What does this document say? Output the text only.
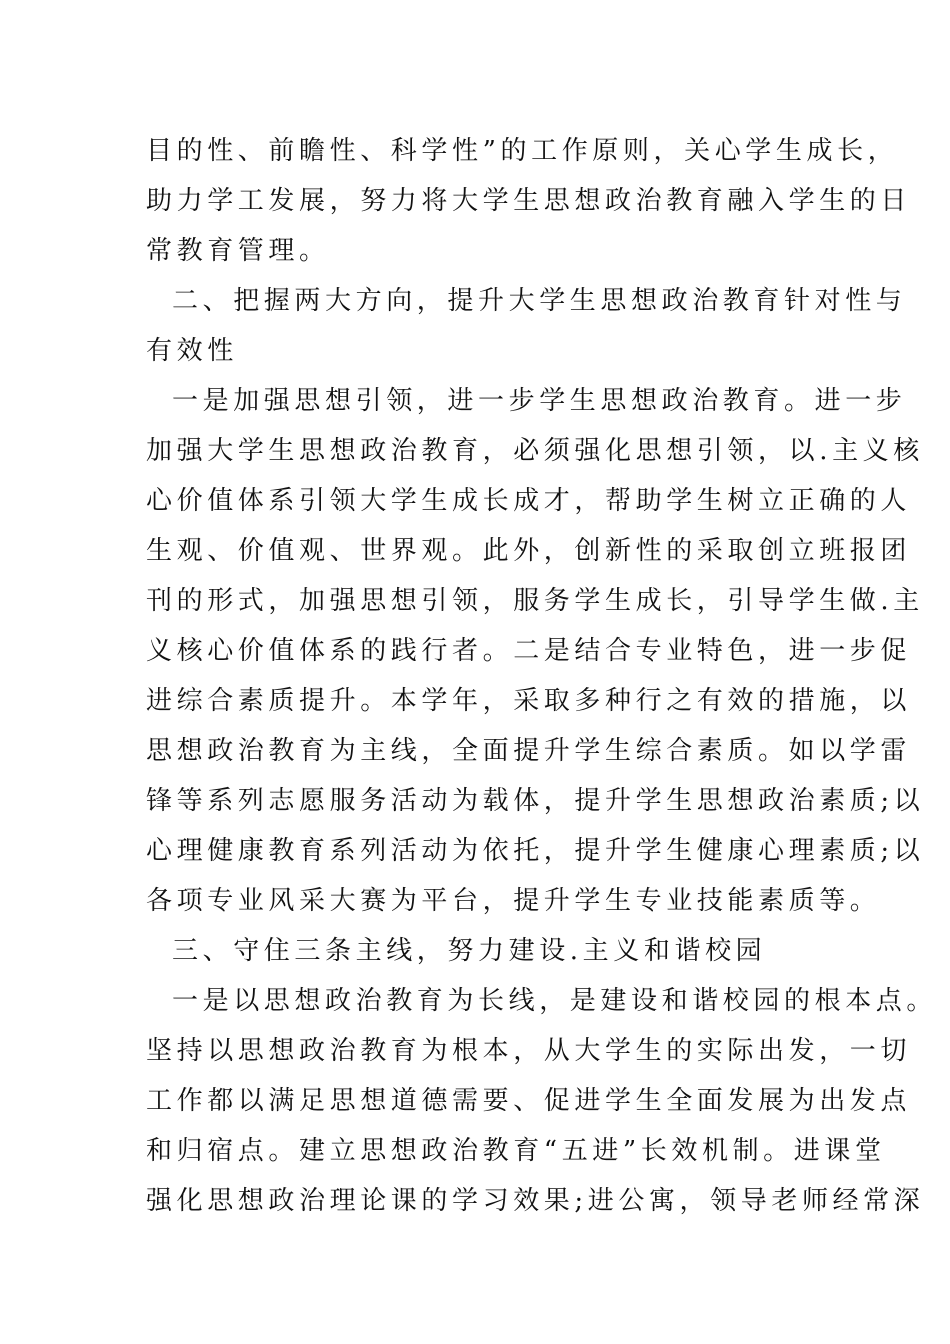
目的性、前瞻性、科学性”的工作原则，关心学生成长，
助力学工发展，努力将大学生思想政治教育融入学生的日
常教育管理。
二、把握两大方向，提升大学生思想政治教育针对性与
有效性
一是加强思想引领，进一步学生思想政治教育。进一步
加强大学生思想政治教育，必须强化思想引领，以.主义核
心价值体系引领大学生成长成才，帮助学生树立正确的人
生观、价值观、世界观。此外，创新性的采取创立班报团
刊的形式，加强思想引领，服务学生成长，引导学生做.主
义核心价值体系的践行者。二是结合专业特色，进一步促
进综合素质提升。本学年，采取多种行之有效的措施，以
思想政治教育为主线，全面提升学生综合素质。如以学雷
锋等系列志愿服务活动为载体，提升学生思想政治素质;以
心理健康教育系列活动为依托，提升学生健康心理素质;以
各项专业风采大赛为平台，提升学生专业技能素质等。
三、守住三条主线，努力建设.主义和谐校园
一是以思想政治教育为长线，是建设和谐校园的根本点。
坚持以思想政治教育为根本，从大学生的实际出发，一切
工作都以满足思想道德需要、促进学生全面发展为出发点
和归宿点。建立思想政治教育“五进”长效机制。进课堂
强化思想政治理论课的学习效果;进公寓，领导老师经常深
